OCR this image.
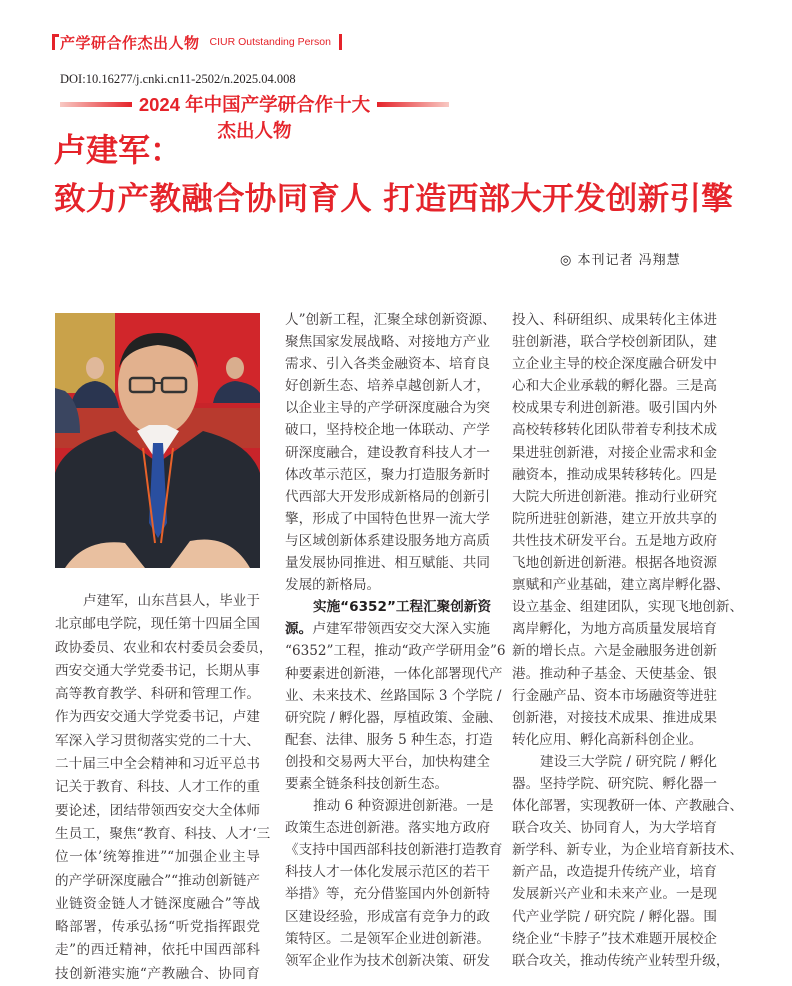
产学研合作杰出人物 CIUR Outstanding Person
DOI:10.16277/j.cnki.cn11-2502/n.2025.04.008
2024 年中国产学研合作十大杰出人物
卢建军：
致力产教融合协同育人 打造西部大开发创新引擎
◎ 本刊记者 冯翔慧
卢建军，山东莒县人，毕业于
北京邮电学院，现任第十四届全国
政协委员、农业和农村委员会委员，
西安交通大学党委书记，长期从事
高等教育教学、科研和管理工作。
作为西安交通大学党委书记，卢建
军深入学习贯彻落实党的二十大、
二十届三中全会精神和习近平总书
记关于教育、科技、人才工作的重
要论述，团结带领西安交大全体师
生员工，聚焦“教育、科技、人才‘三
位一体’统筹推进”“加强企业主导
的产学研深度融合”“推动创新链产
业链资金链人才链深度融合”等战
略部署，传承弘扬“听党指挥跟党
走”的西迁精神，依托中国西部科
技创新港实施“产教融合、协同育
人”创新工程，汇聚全球创新资源、
聚焦国家发展战略、对接地方产业
需求、引入各类金融资本、培育良
好创新生态、培养卓越创新人才，
以企业主导的产学研深度融合为突
破口，坚持校企地一体联动、产学
研深度融合，建设教育科技人才一
体改革示范区，聚力打造服务新时
代西部大开发形成新格局的创新引
擎，形成了中国特色世界一流大学
与区域创新体系建设服务地方高质
量发展协同推进、相互赋能、共同
发展的新格局。
实施“6352”工程汇聚创新资
源。卢建军带领西安交大深入实施
“6352”工程，推动“政产学研用金”6
种要素进创新港，一体化部署现代产
业、未来技术、丝路国际 3 个学院 /
研究院 / 孵化器，厚植政策、金融、
配套、法律、服务 5 种生态，打造
创投和交易两大平台，加快构建全
要素全链条科技创新生态。
推动 6 种资源进创新港。一是
政策生态进创新港。落实地方政府
《支持中国西部科技创新港打造教育
科技人才一体化发展示范区的若干
举措》等，充分借鉴国内外创新特
区建设经验，形成富有竞争力的政
策特区。二是领军企业进创新港。
领军企业作为技术创新决策、研发
投入、科研组织、成果转化主体进
驻创新港，联合学校创新团队，建
立企业主导的校企深度融合研发中
心和大企业承载的孵化器。三是高
校成果专利进创新港。吸引国内外
高校转移转化团队带着专利技术成
果进驻创新港，对接企业需求和金
融资本，推动成果转移转化。四是
大院大所进创新港。推动行业研究
院所进驻创新港，建立开放共享的
共性技术研发平台。五是地方政府
飞地创新进创新港。根据各地资源
禀赋和产业基础，建立离岸孵化器、
设立基金、组建团队，实现飞地创新、
离岸孵化，为地方高质量发展培育
新的增长点。六是金融服务进创新
港。推动种子基金、天使基金、银
行金融产品、资本市场融资等进驻
创新港，对接技术成果、推进成果
转化应用、孵化高新科创企业。
建设三大学院 / 研究院 / 孵化
器。坚持学院、研究院、孵化器一
体化部署，实现教研一体、产教融合、
联合攻关、协同育人，为大学培育
新学科、新专业，为企业培育新技术、
新产品，改造提升传统产业，培育
发展新兴产业和未来产业。一是现
代产业学院 / 研究院 / 孵化器。围
绕企业“卡脖子”技术难题开展校企
联合攻关，推动传统产业转型升级，
